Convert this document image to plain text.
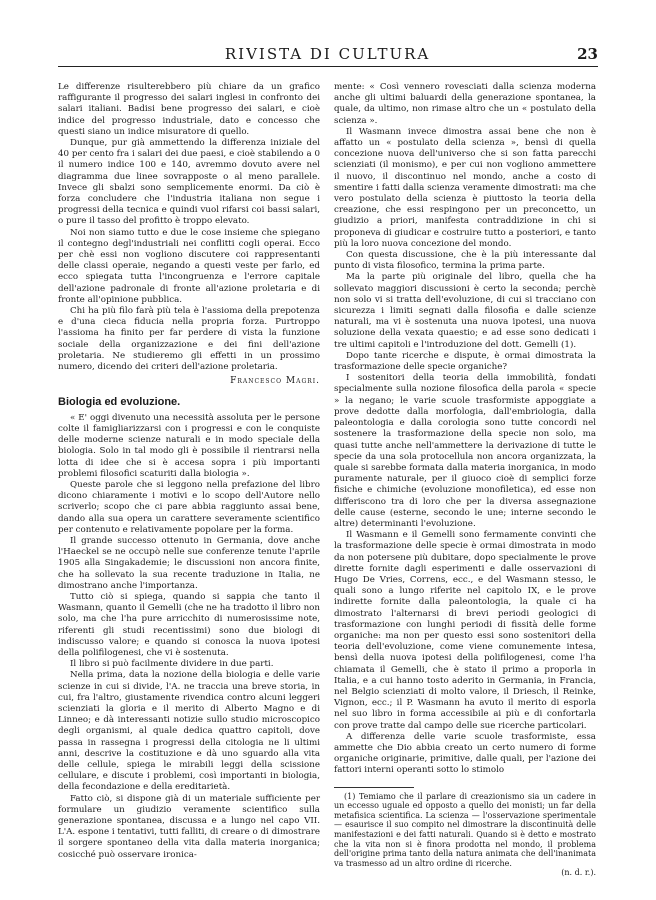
RIVISTA DI CULTURA	23

Le differenze risulterebbero più chiare da un grafico raffigurante il progresso dei salari inglesi in confronto dei salari italiani. Badisi bene progresso dei salari, e cioè indice del progresso industriale, dato e concesso che questi siano un indice misuratore di quello.

Dunque, pur già ammettendo la differenza iniziale del 40 per cento fra i salari dei due paesi, e cioè stabilendo a 0 il numero indice 100 e 140, avremmo dovuto avere nel diagramma due linee sovrapposte o al meno parallele. Invece gli sbalzi sono semplicemente enormi. Da ciò è forza concludere che l'industria italiana non segue i progressi della tecnica e quindi vuol rifarsi coi bassi salari, o pure il tasso del profitto è troppo elevato.

Noi non siamo tutto e due le cose insieme che spiegano il contegno degl'industriali nei conflitti cogli operai. Ecco per chè essi non vogliono discutere coi rappresentanti delle classi operaie, negando a questi veste per farlo, ed ecco spiegata tutta l'incongruenza e l'errore capitale dell'azione padronale di fronte all'azione proletaria e di fronte all'opinione pubblica.

Chi ha più filo farà più tela è l'assioma della prepotenza e d'una cieca fiducia nella propria forza. Purtroppo l'assioma ha finito per far perdere di vista la funzione sociale della organizzazione e dei fini dell'azione proletaria. Ne studieremo gli effetti in un prossimo numero, dicendo dei criteri dell'azione proletaria.

Francesco Magri.
Biologia ed evoluzione.

« E' oggi divenuto una necessità assoluta per le persone colte il famigliarizzarsi con i progressi e con le conquiste delle moderne scienze naturali e in modo speciale della biologia. Solo in tal modo gli è possibile il rientrarsi nella lotta di idee che si è accesa sopra i più importanti problemi filosofici scaturiti dalla biologia ».

Queste parole che si leggono nella prefazione del libro dicono chiaramente i motivi e lo scopo dell'Autore nello scriverlo; scopo che ci pare abbia raggiunto assai bene, dando alla sua opera un carattere severamente scientifico per contenuto e relativamente popolare per la forma.

Il grande successo ottenuto in Germania, dove anche l'Haeckel se ne occupò nelle sue conferenze tenute l'aprile 1905 alla Singakademie; le discussioni non ancora finite, che ha sollevato la sua recente traduzione in Italia, ne dimostrano anche l'importanza.

Tutto ciò si spiega, quando si sappia che tanto il Wasmann, quanto il Gemelli (che ne ha tradotto il libro non solo, ma che l'ha pure arricchito di numerosissime note, riferenti gli studi recentissimi) sono due biologi di indiscusso valore; e quando si conosca la nuova ipotesi della polifilogenesi, che vi è sostenuta.

Il libro si può facilmente dividere in due parti.

Nella prima, data la nozione della biologia e delle varie scienze in cui si divide, l'A. ne traccia una breve storia, in cui, fra l'altro, giustamente rivendica contro alcuni leggeri scienziati la gloria e il merito di Alberto Magno e di Linneo; e dà interessanti notizie sullo studio microscopico degli organismi, al quale dedica quattro capitoli, dove passa in rassegna i progressi della citologia ne li ultimi anni, descrive la costituzione e dà uno sguardo alla vita delle cellule, spiega le mirabili leggi della scissione cellulare, e discute i problemi, così importanti in biologia, della fecondazione e della ereditarietà.

Fatto ciò, si dispone già di un materiale sufficiente per formulare un giudizio veramente scientifico sulla generazione spontanea, discussa e a lungo nel capo VII. L'A. espone i tentativi, tutti falliti, di creare o di dimostrare il sorgere spontaneo della vita dalla materia inorganica; cosicché può osservare ironica-

mente: « Così vennero rovesciati dalla scienza moderna anche gli ultimi baluardi della generazione spontanea, la quale, da ultimo, non rimase altro che un « postulato della scienza ».

Il Wasmann invece dimostra assai bene che non è affatto un « postulato della scienza », bensì di quella concezione nuova dell'universo che si son fatta parecchi scienziati (il monismo), e per cui non vogliono ammettere il nuovo, il discontinuo nel mondo, anche a costo di smentire i fatti dalla scienza veramente dimostrati: ma che vero postulato della scienza è piuttosto la teoria della creazione, che essi respingono per un preconcetto, un giudizio a priori, manifesta contraddizione in chi si proponeva di giudicar e costruire tutto a posteriori, e tanto più la loro nuova concezione del mondo.

Con questa discussione, che è la più interessante dal punto di vista filosofico, termina la prima parte.

Ma la parte più originale del libro, quella che ha sollevato maggiori discussioni è certo la seconda; perchè non solo vi si tratta dell'evoluzione, di cui si tracciano con sicurezza i limiti segnati dalla filosofia e dalle scienze naturali, ma vi è sostenuta una nuova ipotesi, una nuova soluzione della vexata quaestio; e ad esse sono dedicati i tre ultimi capitoli e l'introduzione del dott. Gemelli (1).

Dopo tante ricerche e dispute, è ormai dimostrata la trasformazione delle specie organiche?

I sostenitori della teoria della immobilità, fondati specialmente sulla nozione filosofica della parola « specie » la negano; le varie scuole trasformiste appoggiate a prove dedotte dalla morfologia, dall'embriologia, dalla paleontologia e dalla corologia sono tutte concordi nel sostenere la trasformazione della specie non solo, ma quasi tutte anche nell'ammettere la derivazione di tutte le specie da una sola protocellula non ancora organizzata, la quale si sarebbe formata dalla materia inorganica, in modo puramente naturale, per il giuoco cioè di semplici forze fisiche e chimiche (evoluzione monofiletica), ed esse non differiscono tra di loro che per la diversa assegnazione delle cause (esterne, secondo le une; interne secondo le altre) determinanti l'evoluzione.

Il Wasmann e il Gemelli sono fermamente convinti che la trasformazione delle specie è ormai dimostrata in modo da non potersene più dubitare, dopo specialmente le prove dirette fornite dagli esperimenti e dalle osservazioni di Hugo De Vries, Correns, ecc., e del Wasmann stesso, le quali sono a lungo riferite nel capitolo IX, e le prove indirette fornite dalla paleontologia, la quale ci ha dimostrato l'alternarsi di brevi periodi geologici di trasformazione con lunghi periodi di fissità delle forme organiche: ma non per questo essi sono sostenitori della teoria dell'evoluzione, come viene comunemente intesa, bensì della nuova ipotesi della polifilogenesi, come l'ha chiamata il Gemelli, che è stato il primo a proporla in Italia, e a cui hanno tosto aderito in Germania, in Francia, nel Belgio scienziati di molto valore, il Driesch, il Reinke, Vignon, ecc.; il P. Wasmann ha avuto il merito di esporla nel suo libro in forma accessibile ai più e di confortarla con prove tratte dal campo delle sue ricerche particolari.

A differenza delle varie scuole trasformiste, essa ammette che Dio abbia creato un certo numero di forme organiche originarie, primitive, dalle quali, per l'azione dei fattori interni operanti sotto lo stimolo

(1) Temiamo che il parlare di creazionismo sia un cadere in un eccesso uguale ed opposto a quello dei monisti; un far della metafisica scientifica. La scienza — l'osservazione sperimentale — esaurisce il suo compito nel dimostrare la discontinuità delle manifestazioni e dei fatti naturali. Quando si è detto e mostrato che la vita non si è finora prodotta nel mondo, il problema dell'origine prima tanto della natura animata che dell'inanimata va trasmesso ad un altro ordine di ricerche.

(n. d. r.).
